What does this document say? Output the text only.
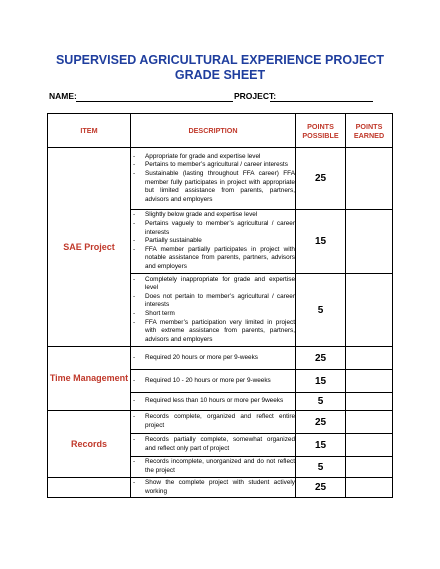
SUPERVISED AGRICULTURAL EXPERIENCE PROJECT
GRADE SHEET
NAME:	PROJECT:
ITEM	DESCRIPTION	POINTS POSSIBLE	POINTS EARNED
SAE Project	- Appropriate for grade and expertise level
- Pertains to member’s agricultural / career interests
- Sustainable (lasting throughout FFA career) FFA member fully participates in project with appropriate but limited assistance from parents, partners, advisors and employers	25	

	- Slightly below grade and expertise level
- Pertains vaguely to member’s agricultural / career interests
- Partially sustainable
- FFA member partially participates in project with notable assistance from parents, partners, advisors and employers	15	

	- Completely inappropriate for grade and expertise level
- Does not pertain to member’s agricultural / career interests
- Short term
- FFA member’s participation very limited in project with extreme assistance from parents, partners, advisors and employers	5	
Time Management	- Required 20 hours or more per 9-weeks	25	

	- Required 10 - 20 hours or more per 9-weeks	15	

	- Required less than 10 hours or more per 9weeks	5	
Records	- Records complete, organized and reflect entire project	25	

	- Records partially complete, somewhat organized and reflect only part of project	15	

	- Records incomplete, unorganized and do not reflect the project	5	

	- Show the complete project with student actively working	25	
